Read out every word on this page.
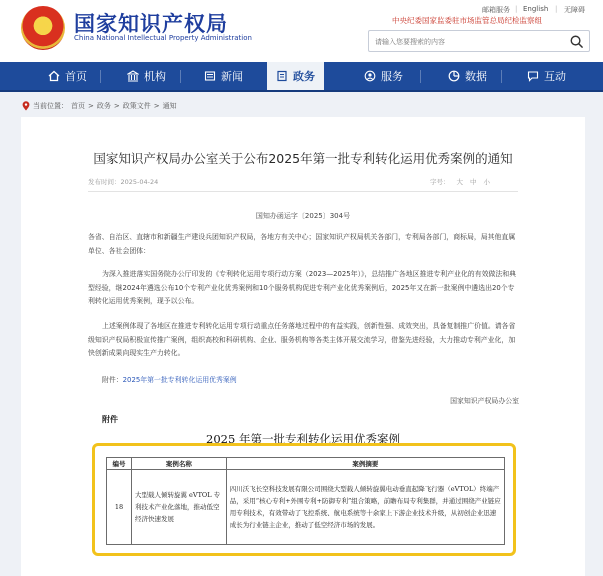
国家知识产权局
China National Intellectual Property Administration
邮箱服务 | English | 无障碍
中央纪委国家监委驻市场监管总局纪检监察组
请输入您要搜索的内容
首页	机构	新闻	政务	服务	数据	互动
当前位置： 首页 > 政务 > 政策文件 > 通知
国家知识产权局办公室关于公布2025年第一批专利转化运用优秀案例的通知
发布时间：2025-04-24	字号： 大 中 小
国知办函运字〔2025〕304号
各省、自治区、直辖市和新疆生产建设兵团知识产权局，各地方有关中心；国家知识产权局机关各部门，专利局各部门，商标局，局其他直属单位、各社会团体：
为深入推进落实国务院办公厅印发的《专利转化运用专项行动方案（2023—2025年）》，总结推广各地区推进专利产业化的有效做法和典型经验，继2024年遴选公布10个专利产业化优秀案例和10个服务机构促进专利产业化优秀案例后，2025年又在新一批案例中遴选出20个专利转化运用优秀案例，现予以公布。
上述案例体现了各地区在推进专利转化运用专项行动重点任务落地过程中的有益实践，创新性强、成效突出，具备复制推广价值。请各省级知识产权局积极宣传推广案例，组织高校和科研机构、企业、服务机构等各类主体开展交流学习，借鉴先进经验，大力推动专利产业化，加快创新成果向现实生产力转化。
附件：2025年第一批专利转化运用优秀案例
国家知识产权局办公室
附件
2025 年第一批专利转化运用优秀案例
编号	案例名称	案例摘要
18	大型载人倾转旋翼 eVTOL 专利技术产业化落地，推动低空经济快速发展	四川沃飞长空科技发展有限公司围绕大型载人倾转旋翼电动垂直起降飞行器（eVTOL）终端产品，采用“核心专利+外围专利+防御专利”组合策略，前瞻布局专利集群，并通过围绕产业链应用专利技术，有效带动了飞控系统、航电系统等十余家上下游企业技术升级，从初创企业迅速成长为行业链主企业，推动了低空经济市场的发展。
